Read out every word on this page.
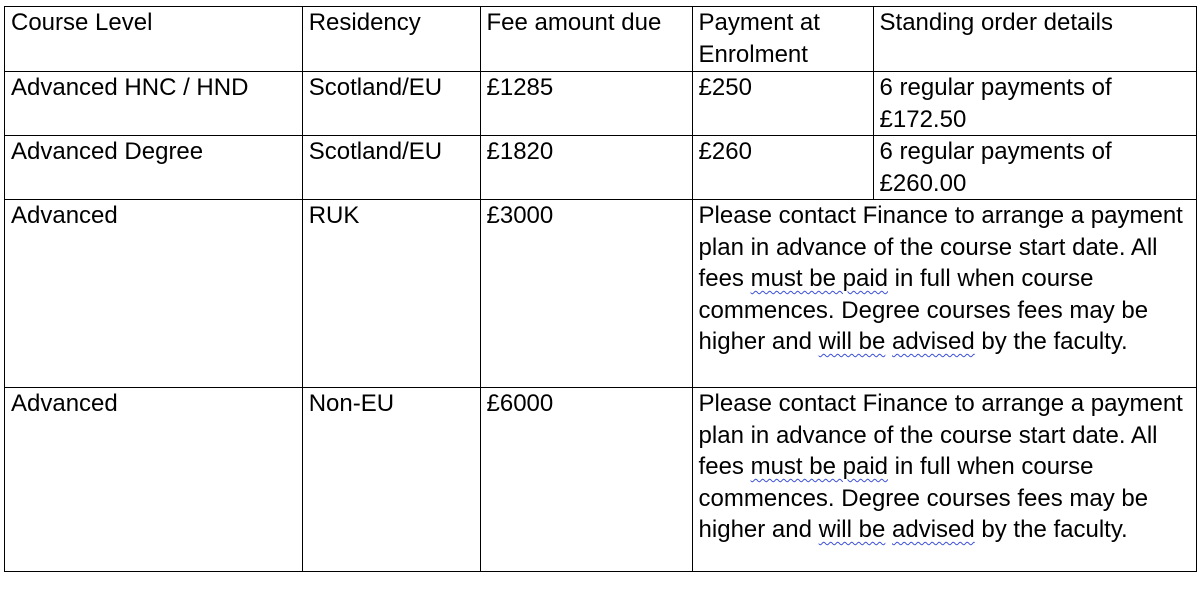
Course Level	Residency	Fee amount due	Payment at Enrolment	Standing order details
Advanced HNC / HND	Scotland/EU	£1285	£250	6 regular payments of £172.50
Advanced Degree	Scotland/EU	£1820	£260	6 regular payments of £260.00
Advanced	RUK	£3000	Please contact Finance to arrange a payment plan in advance of the course start date. All fees must be paid in full when course commences. Degree courses fees may be higher and will be advised by the faculty.	
Advanced	Non-EU	£6000	Please contact Finance to arrange a payment plan in advance of the course start date. All fees must be paid in full when course commences. Degree courses fees may be higher and will be advised by the faculty.	
